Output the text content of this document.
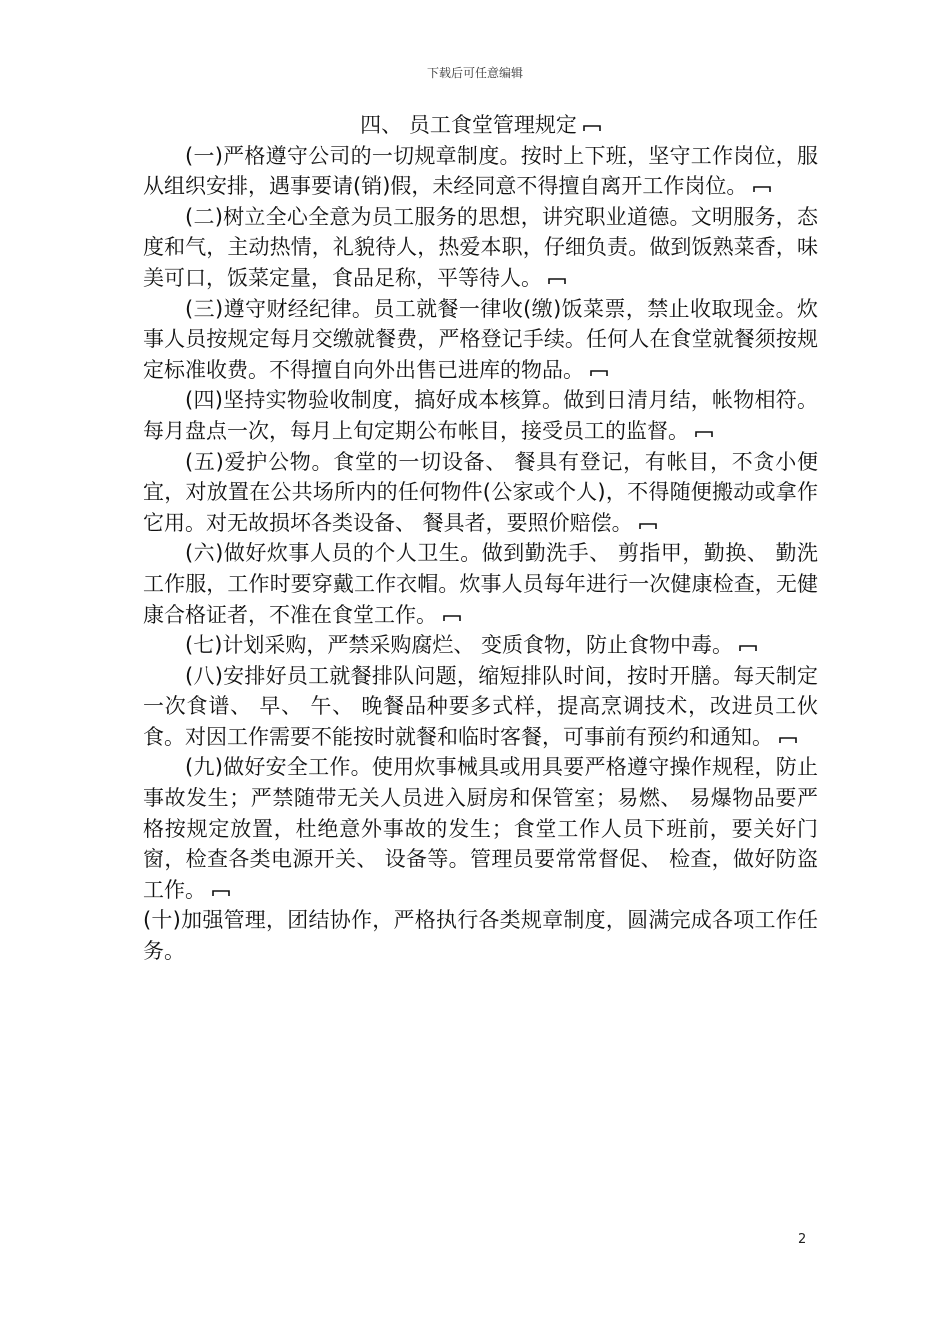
下载后可任意编辑
四、 员工食堂管理规定

(一)严格遵守公司的一切规章制度。按时上下班，坚守工作岗位，服从组织安排，遇事要请(销)假，未经同意不得擅自离开工作岗位。

(二)树立全心全意为员工服务的思想，讲究职业道德。文明服务，态度和气，主动热情，礼貌待人，热爱本职，仔细负责。做到饭熟菜香，味美可口，饭菜定量，食品足称，平等待人。

(三)遵守财经纪律。员工就餐一律收(缴)饭菜票，禁止收取现金。炊事人员按规定每月交缴就餐费，严格登记手续。任何人在食堂就餐须按规定标准收费。不得擅自向外出售已进库的物品。

(四)坚持实物验收制度，搞好成本核算。做到日清月结，帐物相符。每月盘点一次，每月上旬定期公布帐目，接受员工的监督。

(五)爱护公物。食堂的一切设备、 餐具有登记，有帐目，不贪小便宜，对放置在公共场所内的任何物件(公家或个人)，不得随便搬动或拿作它用。对无故损坏各类设备、 餐具者，要照价赔偿。

(六)做好炊事人员的个人卫生。做到勤洗手、 剪指甲，勤换、 勤洗工作服，工作时要穿戴工作衣帽。炊事人员每年进行一次健康检查，无健康合格证者，不准在食堂工作。

(七)计划采购，严禁采购腐烂、 变质食物，防止食物中毒。

(八)安排好员工就餐排队问题，缩短排队时间，按时开膳。每天制定一次食谱、 早、 午、 晚餐品种要多式样，提高烹调技术，改进员工伙食。对因工作需要不能按时就餐和临时客餐，可事前有预约和通知。

(九)做好安全工作。使用炊事械具或用具要严格遵守操作规程，防止事故发生；严禁随带无关人员进入厨房和保管室；易燃、 易爆物品要严格按规定放置，杜绝意外事故的发生；食堂工作人员下班前，要关好门窗，检查各类电源开关、 设备等。管理员要常常督促、 检查，做好防盗工作。

(十)加强管理，团结协作，严格执行各类规章制度，圆满完成各项工作任务。

2
